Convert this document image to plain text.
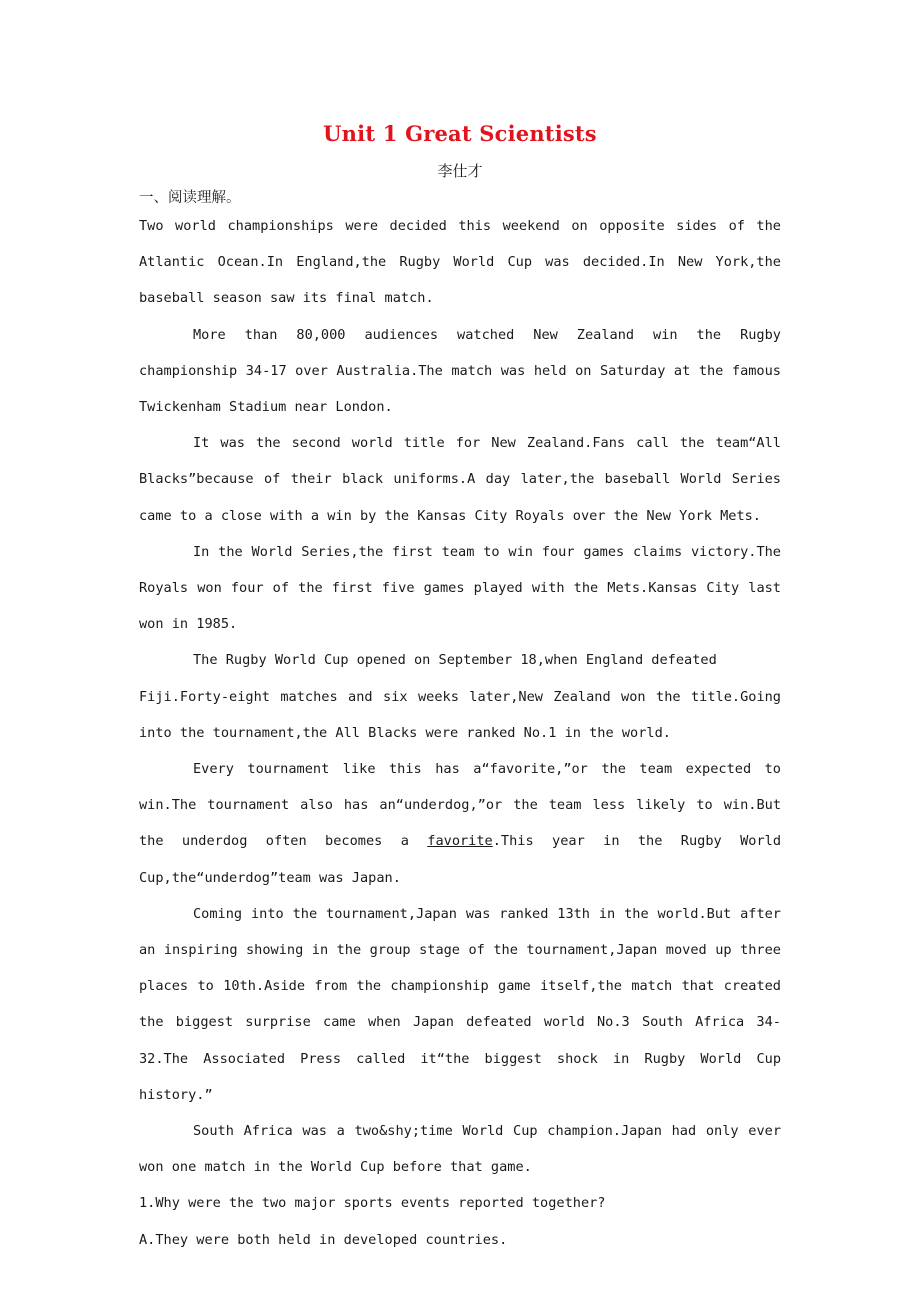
Unit 1 Great Scientists
李仕才
一、阅读理解。

Two world championships were decided this weekend on opposite sides of the Atlantic Ocean.In England,the Rugby World Cup was decided.In New York,the baseball season saw its final match.

More than 80,000 audiences watched New Zealand win the Rugby championship 34-17 over Australia.The match was held on Saturday at the famous Twickenham Stadium near London.

It was the second world title for New Zealand.Fans call the team“All Blacks”because of their black uniforms.A day later,the baseball World Series came to a close with a win by the Kansas City Royals over the New York Mets.

In the World Series,the first team to win four games claims victory.The Royals won four of the first five games played with the Mets.Kansas City last won in 1985.

The Rugby World Cup opened on September 18,when England defeated

Fiji.Forty-eight matches and six weeks later,New Zealand won the title.Going into the tournament,the All Blacks were ranked No.1 in the world.

Every tournament like this has a“favorite,”or the team expected to win.The tournament also has an“underdog,”or the team less likely to win.But the underdog often becomes a favorite.This year in the Rugby World Cup,the“underdog”team was Japan.

Coming into the tournament,Japan was ranked 13th in the world.But after an inspiring showing in the group stage of the tournament,Japan moved up three places to 10th.Aside from the championship game itself,the match that created the biggest surprise came when Japan defeated world No.3 South Africa 34-32.The Associated Press called it“the biggest shock in Rugby World Cup history.”

South Africa was a two&shy;time World Cup champion.Japan had only ever won one match in the World Cup before that game.

1.Why were the two major sports events reported together?

A.They were both held in developed countries.
